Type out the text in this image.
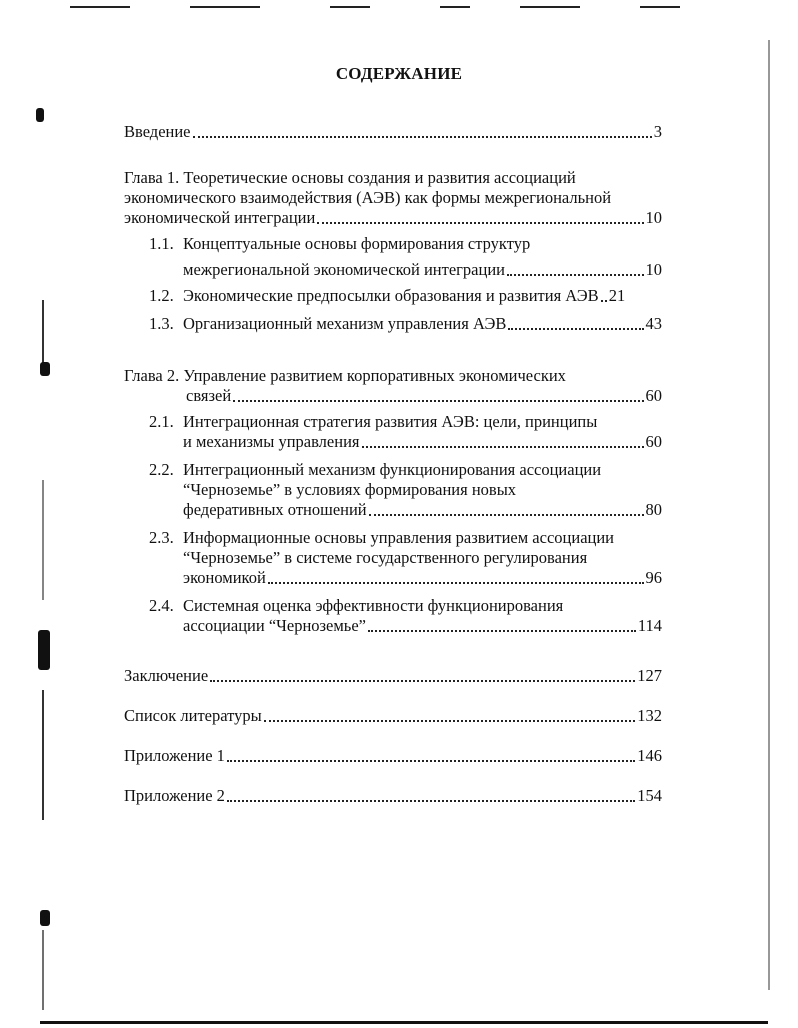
СОДЕРЖАНИЕ
Введение	3
Глава 1. Теоретические основы создания и развития ассоциаций
экономического взаимодействия (АЭВ) как формы межрегиональной
экономической интеграции	10
1.1. Концептуальные основы формирования структур
межрегиональной экономической интеграции	10
1.2. Экономические предпосылки образования и развития АЭВ 21
1.3. Организационный механизм управления АЭВ	43
Глава 2. Управление развитием корпоративных экономических
связей	60
2.1. Интеграционная стратегия развития АЭВ: цели, принципы
и механизмы управления	60
2.2. Интеграционный механизм функционирования ассоциации
“Черноземье” в условиях формирования новых
федеративных отношений	80
2.3. Информационные основы управления развитием ассоциации
“Черноземье” в системе государственного регулирования
экономикой	96
2.4. Системная оценка эффективности функционирования
ассоциации “Черноземье”	114
Заключение	127
Список литературы	132
Приложение 1	146
Приложение 2	154
